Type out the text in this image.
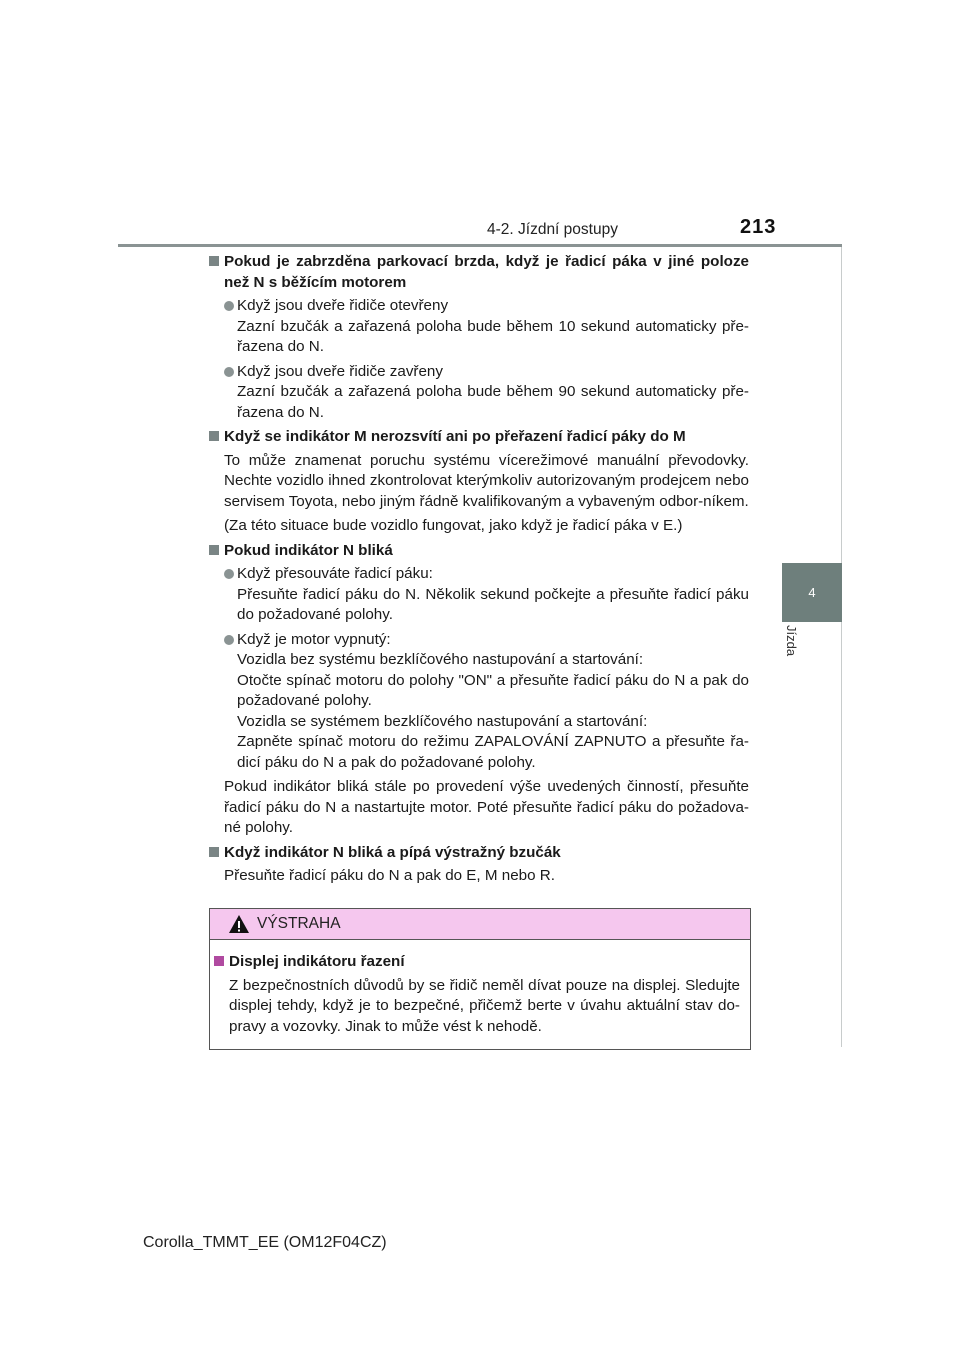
4-2. Jízdní postupy	213
4
Jízda
Pokud je zabrzděna parkovací brzda, když je řadicí páka v jiné poloze než N s běžícím motorem
Když jsou dveře řidiče otevřeny
Zazní bzučák a zařazená poloha bude během 10 sekund automaticky pře-řazena do N.
Když jsou dveře řidiče zavřeny
Zazní bzučák a zařazená poloha bude během 90 sekund automaticky pře-řazena do N.
Když se indikátor M nerozsvítí ani po přeřazení řadicí páky do M
To může znamenat poruchu systému vícerežimové manuální převodovky. Nechte vozidlo ihned zkontrolovat kterýmkoliv autorizovaným prodejcem nebo servisem Toyota, nebo jiným řádně kvalifikovaným a vybaveným odbor-níkem.
(Za této situace bude vozidlo fungovat, jako když je řadicí páka v E.)
Pokud indikátor N bliká
Když přesouváte řadicí páku:
Přesuňte řadicí páku do N. Několik sekund počkejte a přesuňte řadicí páku do požadované polohy.
Když je motor vypnutý:
Vozidla bez systému bezklíčového nastupování a startování:
Otočte spínač motoru do polohy "ON" a přesuňte řadicí páku do N a pak do požadované polohy.
Vozidla se systémem bezklíčového nastupování a startování:
Zapněte spínač motoru do režimu ZAPALOVÁNÍ ZAPNUTO a přesuňte řa-dicí páku do N a pak do požadované polohy.
Pokud indikátor bliká stále po provedení výše uvedených činností, přesuňte řadicí páku do N a nastartujte motor. Poté přesuňte řadicí páku do požadova-né polohy.
Když indikátor N bliká a pípá výstražný bzučák
Přesuňte řadicí páku do N a pak do E, M nebo R.
VÝSTRAHA
Displej indikátoru řazení
Z bezpečnostních důvodů by se řidič neměl dívat pouze na displej. Sledujte displej tehdy, když je to bezpečné, přičemž berte v úvahu aktuální stav do-pravy a vozovky. Jinak to může vést k nehodě.
Corolla_TMMT_EE (OM12F04CZ)
